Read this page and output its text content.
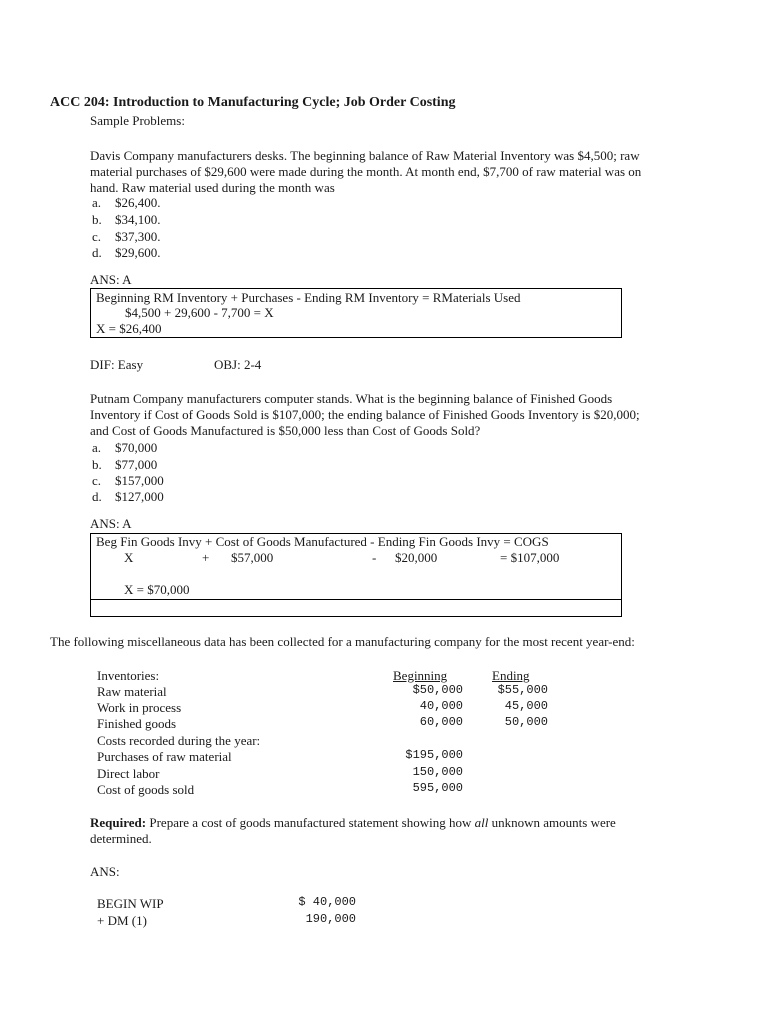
ACC 204: Introduction to Manufacturing Cycle; Job Order Costing
Sample Problems:
Davis Company manufacturers desks. The beginning balance of Raw Material Inventory was $4,500; raw
material purchases of $29,600 were made during the month. At month end, $7,700 of raw material was on
hand. Raw material used during the month was
a. $26,400.
b. $34,100.
c. $37,300.
d. $29,600.
ANS: A
Beginning RM Inventory + Purchases - Ending RM Inventory = RMaterials Used
$4,500 + 29,600 - 7,700 = X
X = $26,400
DIF: Easy	OBJ: 2-4
Putnam Company manufacturers computer stands. What is the beginning balance of Finished Goods
Inventory if Cost of Goods Sold is $107,000; the ending balance of Finished Goods Inventory is $20,000;
and Cost of Goods Manufactured is $50,000 less than Cost of Goods Sold?
a. $70,000
b. $77,000
c. $157,000
d. $127,000
ANS: A
Beg Fin Goods Invy + Cost of Goods Manufactured - Ending Fin Goods Invy = COGS
X	+ $57,000	- $20,000	= $107,000
X = $70,000
The following miscellaneous data has been collected for a manufacturing company for the most recent year-end:
Inventories:	Beginning	Ending
Raw material	$50,000	$55,000
Work in process	40,000	45,000
Finished goods	60,000	50,000
Costs recorded during the year:
Purchases of raw material	$195,000
Direct labor	150,000
Cost of goods sold	595,000
Required: Prepare a cost of goods manufactured statement showing how all unknown amounts were
determined.
ANS:
BEGIN WIP	$ 40,000
+ DM (1)	190,000
